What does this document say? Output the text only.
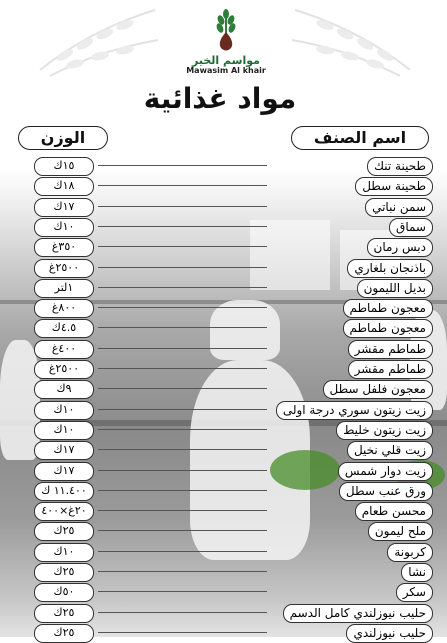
مواسم الخير
Mawasim Al khair
مواد غذائية
اسم الصنف
الوزن
١٥ك	طحينة تنك
١٨ك	طحينة سطل
١٧ك	سمن نباتي
١٠ك	سماق
٣٥٠غ	دبس رمان
٢٥٠٠غ	باذنجان بلغاري
١لتر	بديل الليمون
٨٠٠غ	معجون طماطم
٤.٥ك	معجون طماطم
٤٠٠غ	طماطم مقشر
٢٥٠٠غ	طماطم مقشر
٩ك	معجون فلفل سطل
١٠ك	زيت زيتون سوري درجة اولى
١٠ك	زيت زيتون خليط
١٧ك	زيت قلي نخيل
١٧ك	زيت دوار شمس
١١.٤٠٠ ك	ورق عنب سطل
٢٠غ×٤٠٠	محسن طعام
٢٥ك	ملح ليمون
١٠ك	كربونة
٢٥ك	نشا
٥٠ك	سكر
٢٥ك	حليب نيوزلندي كامل الدسم
٢٥ك	حليب نيوزلندي
